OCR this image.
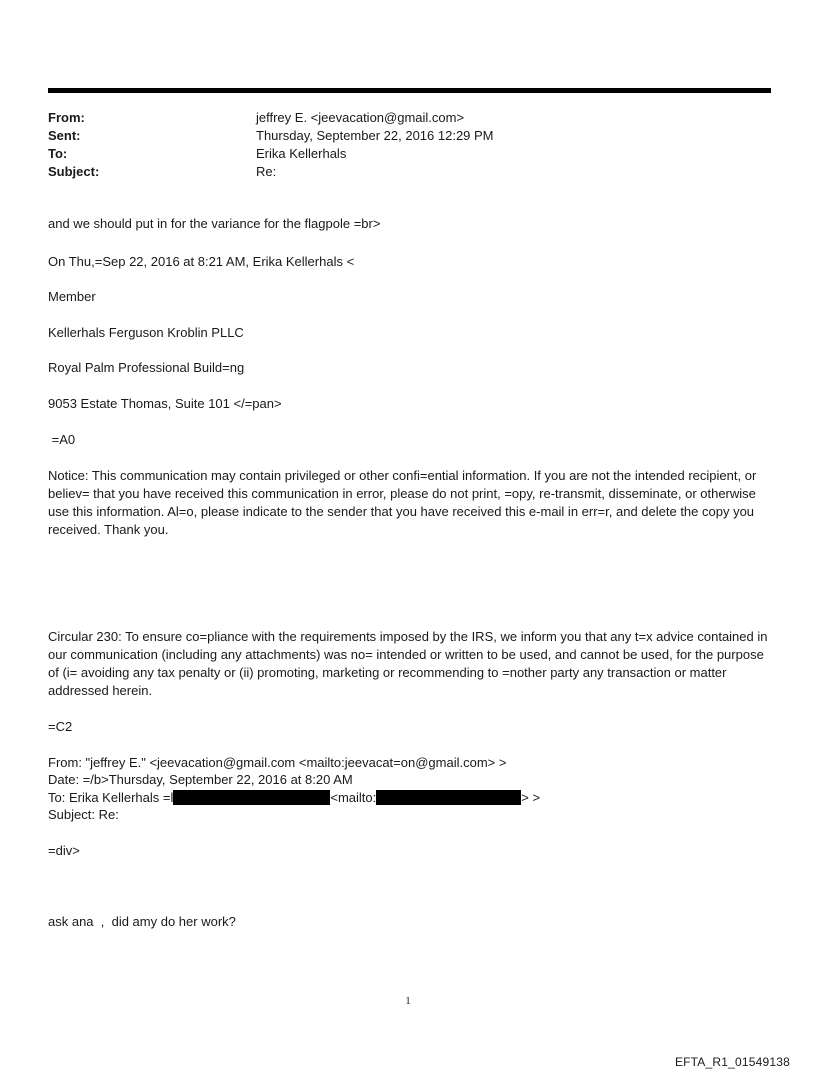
From:	jeffrey E. <jeevacation@gmail.com>
Sent:	Thursday, September 22, 2016 12:29 PM
To:	Erika Kellerhals
Subject:	Re:

and we should put in for the variance for the flagpole =br>

On Thu,=Sep 22, 2016 at 8:21 AM, Erika Kellerhals <

Member

Kellerhals Ferguson Kroblin PLLC

Royal Palm Professional Build=ng

9053 Estate Thomas, Suite 101 </=pan>

=A0

Notice: This communication may contain privileged or other confi=ential information. If you are not the intended recipient, or believ= that you have received this communication in error, please do not print, =opy, re-transmit, disseminate, or otherwise use this information. Al=o, please indicate to the sender that you have received this e-mail in err=r, and delete the copy you received. Thank you.

Circular 230: To ensure co=pliance with the requirements imposed by the IRS, we inform you that any t=x advice contained in our communication (including any attachments) was no= intended or written to be used, and cannot be used, for the purpose of (i= avoiding any tax penalty or (ii) promoting, marketing or recommending to =nother party any transaction or matter addressed herein.

=C2

From: "jeffrey E." <jeevacation@gmail.com <mailto:jeevacat=on@gmail.com> >

Date: =/b>Thursday, September 22, 2016 at 8:20 AM

To: Erika Kellerhals =l	<mailto:	> >

Subject: Re:

=div>

ask ana  ,  did amy do her work?

1
EFTA_R1_01549138
